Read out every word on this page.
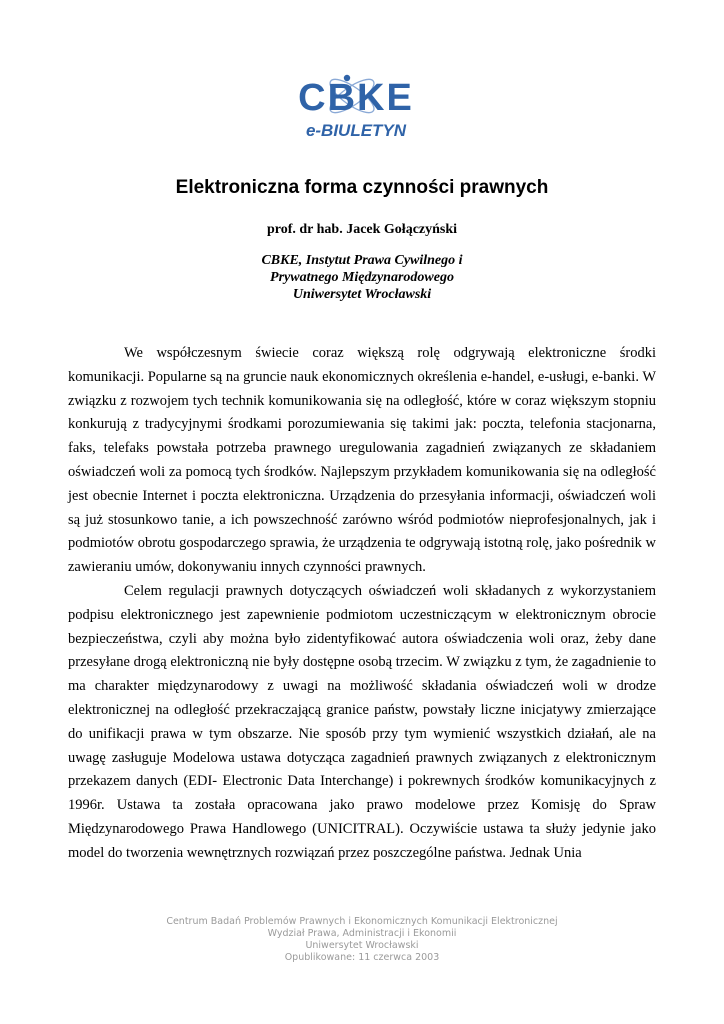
CBKE
e-BIULETYN
Elektroniczna forma czynności prawnych
prof. dr hab. Jacek Gołączyński
CBKE, Instytut Prawa Cywilnego i
Prywatnego Międzynarodowego
Uniwersytet Wrocławski

We współczesnym świecie coraz większą rolę odgrywają elektroniczne środki komunikacji. Popularne są na gruncie nauk ekonomicznych określenia e-handel, e-usługi, e-banki. W związku z rozwojem tych technik komunikowania się na odległość, które w coraz większym stopniu konkurują z tradycyjnymi środkami porozumiewania się takimi jak: poczta, telefonia stacjonarna, faks, telefaks powstała potrzeba prawnego uregulowania zagadnień związanych ze składaniem oświadczeń woli za pomocą tych środków. Najlepszym przykładem komunikowania się na odległość jest obecnie Internet i poczta elektroniczna. Urządzenia do przesyłania informacji, oświadczeń woli są już stosunkowo tanie, a ich powszechność zarówno wśród podmiotów nieprofesjonalnych, jak i podmiotów obrotu gospodarczego sprawia, że urządzenia te odgrywają istotną rolę, jako pośrednik w zawieraniu umów, dokonywaniu innych czynności prawnych.

Celem regulacji prawnych dotyczących oświadczeń woli składanych z wykorzystaniem podpisu elektronicznego jest zapewnienie podmiotom uczestniczącym w elektronicznym obrocie bezpieczeństwa, czyli aby można było zidentyfikować autora oświadczenia woli oraz, żeby dane przesyłane drogą elektroniczną nie były dostępne osobą trzecim. W związku z tym, że zagadnienie to ma charakter międzynarodowy z uwagi na możliwość składania oświadczeń woli w drodze elektronicznej na odległość przekraczającą granice państw, powstały liczne inicjatywy zmierzające do unifikacji prawa w tym obszarze. Nie sposób przy tym wymienić wszystkich działań, ale na uwagę zasługuje Modelowa ustawa dotycząca zagadnień prawnych związanych z elektronicznym przekazem danych (EDI- Electronic Data Interchange) i pokrewnych środków komunikacyjnych z 1996r. Ustawa ta została opracowana jako prawo modelowe przez Komisję do Spraw Międzynarodowego Prawa Handlowego (UNICITRAL). Oczywiście ustawa ta służy jedynie jako model do tworzenia wewnętrznych rozwiązań przez poszczególne państwa. Jednak Unia

Centrum Badań Problemów Prawnych i Ekonomicznych Komunikacji Elektronicznej
Wydział Prawa, Administracji i Ekonomii
Uniwersytet Wrocławski
Opublikowane: 11 czerwca 2003
